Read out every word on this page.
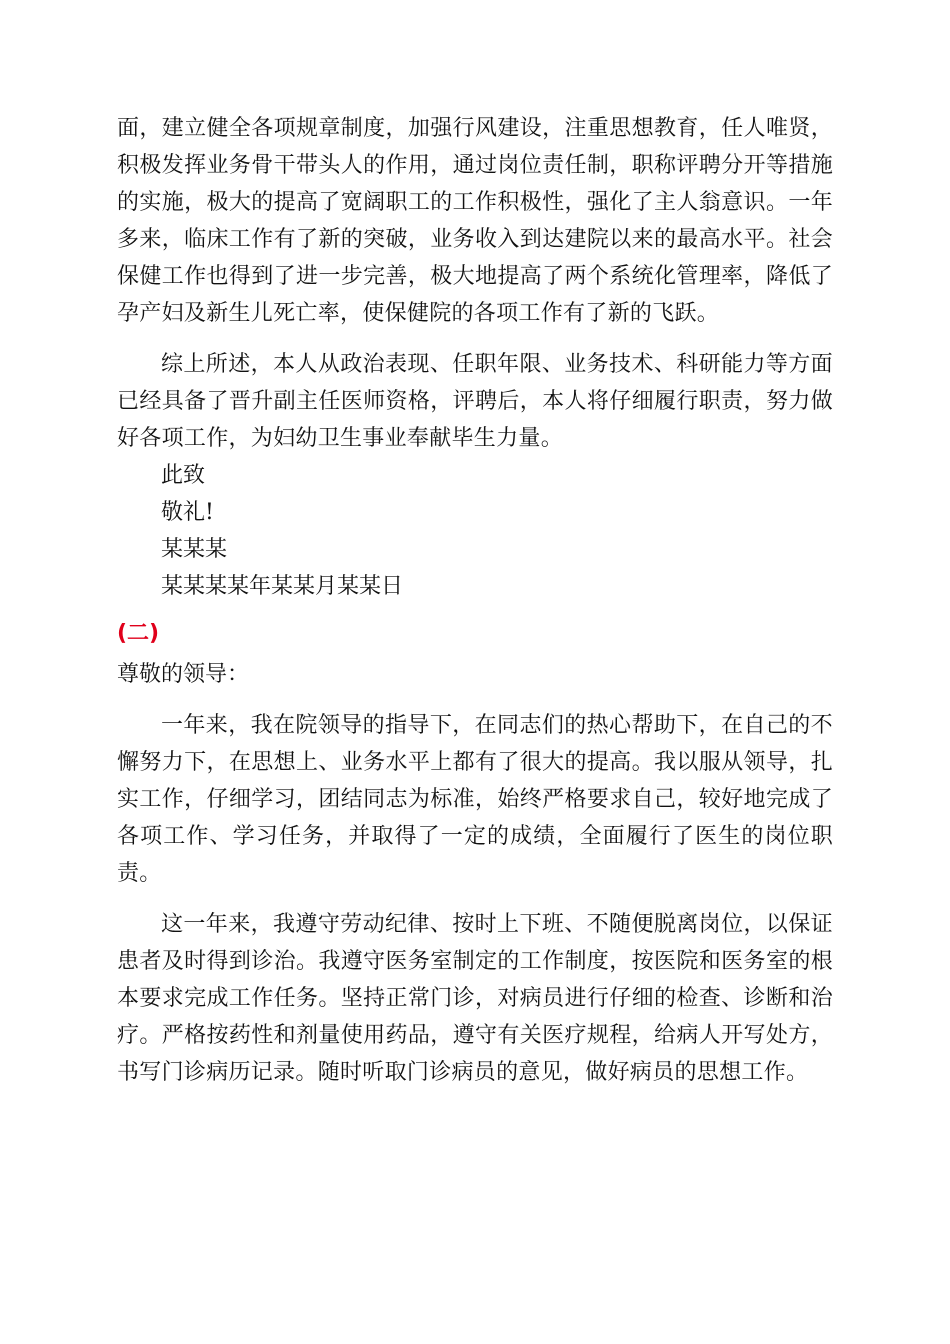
面，建立健全各项规章制度，加强行风建设，注重思想教育，任人唯贤，积极发挥业务骨干带头人的作用，通过岗位责任制，职称评聘分开等措施的实施，极大的提高了宽阔职工的工作积极性，强化了主人翁意识。一年多来，临床工作有了新的突破，业务收入到达建院以来的最高水平。社会保健工作也得到了进一步完善，极大地提高了两个系统化管理率，降低了孕产妇及新生儿死亡率，使保健院的各项工作有了新的飞跃。

综上所述，本人从政治表现、任职年限、业务技术、科研能力等方面已经具备了晋升副主任医师资格，评聘后，本人将仔细履行职责，努力做好各项工作，为妇幼卫生事业奉献毕生力量。

此致

敬礼!

某某某

某某某某年某某月某某日

(二)

尊敬的领导：

一年来，我在院领导的指导下，在同志们的热心帮助下，在自己的不懈努力下，在思想上、业务水平上都有了很大的提高。我以服从领导，扎实工作，仔细学习，团结同志为标准，始终严格要求自己，较好地完成了各项工作、学习任务，并取得了一定的成绩，全面履行了医生的岗位职责。

这一年来，我遵守劳动纪律、按时上下班、不随便脱离岗位，以保证患者及时得到诊治。我遵守医务室制定的工作制度，按医院和医务室的根本要求完成工作任务。坚持正常门诊，对病员进行仔细的检查、诊断和治疗。严格按药性和剂量使用药品，遵守有关医疗规程，给病人开写处方，书写门诊病历记录。随时听取门诊病员的意见，做好病员的思想工作。
